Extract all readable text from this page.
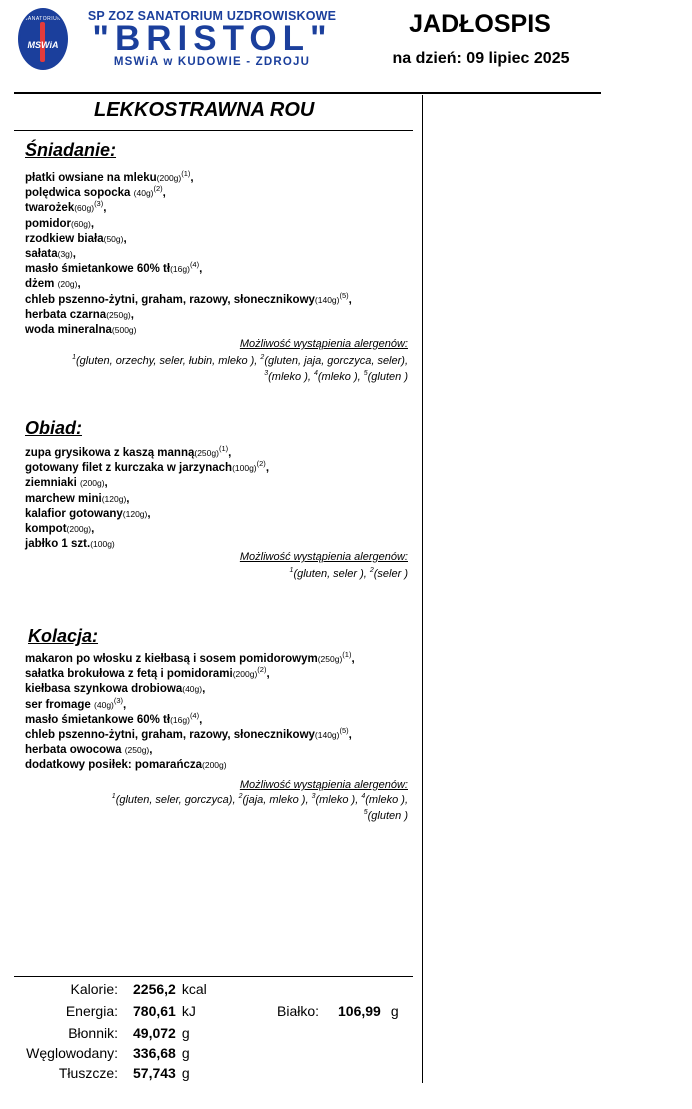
SANATORIUM
MSWiA
SP ZOZ SANATORIUM UZDROWISKOWE
"BRISTOL"
MSWiA w KUDOWIE - ZDROJU
JADŁOSPIS
na dzień: 09 lipiec 2025
LEKKOSTRAWNA ROU
Śniadanie:
płatki owsiane na $mleku(200g)^{(1)}$,
polędwica sopocka $(40g)^{(2)}$,
$twarożek(60g)^{(3)}$,
pomidor(60g),
rzodkiew biała(50g),
sałata(3g),
masło śmietankowe 60% $tł(16g)^{(4)}$,
dżem (20g),
chleb pszenno-żytni, graham, razowy, $słonecznikowy(140g)^{(5)}$,
herbata czarna(250g),
woda mineralna(500g)
Możliwość wystąpienia alergenów:
$^1$(gluten, orzechy, seler, łubin, mleko ), $^2$(gluten, jaja, gorczyca, seler),
$^3$(mleko ), $^4$(mleko ), $^5$(gluten )
Obiad:
zupa grysikowa z kaszą $manną(250g)^{(1)}$,
gotowany filet z kurczaka w $jarzynach(100g)^{(2)}$,
ziemniaki (200g),
marchew mini(120g),
kalafior gotowany(120g),
kompot(200g),
jabłko 1 szt.(100g)
Możliwość wystąpienia alergenów:
$^1$(gluten, seler ), $^2$(seler )
Kolacja:
makaron po włosku z kiełbasą i sosem $pomidorowym(250g)^{(1)}$,
sałatka brokułowa z fetą i $pomidorami(200g)^{(2)}$,
kiełbasa szynkowa drobiowa(40g),
ser fromage $(40g)^{(3)}$,
masło śmietankowe 60% $tł(16g)^{(4)}$,
chleb pszenno-żytni, graham, razowy, $słonecznikowy(140g)^{(5)}$,
herbata owocowa (250g),
dodatkowy posiłek: pomarańcza(200g)
Możliwość wystąpienia alergenów:
$^1$(gluten, seler, gorczyca), $^2$(jaja, mleko ), $^3$(mleko ), $^4$(mleko ),
$^5$(gluten )
Kalorie: 2256,2 kcal
Energia: 780,61 kJ	Białko: 106,99 g
Błonnik: 49,072 g
Węglowodany: 336,68 g
Tłuszcze: 57,743 g
